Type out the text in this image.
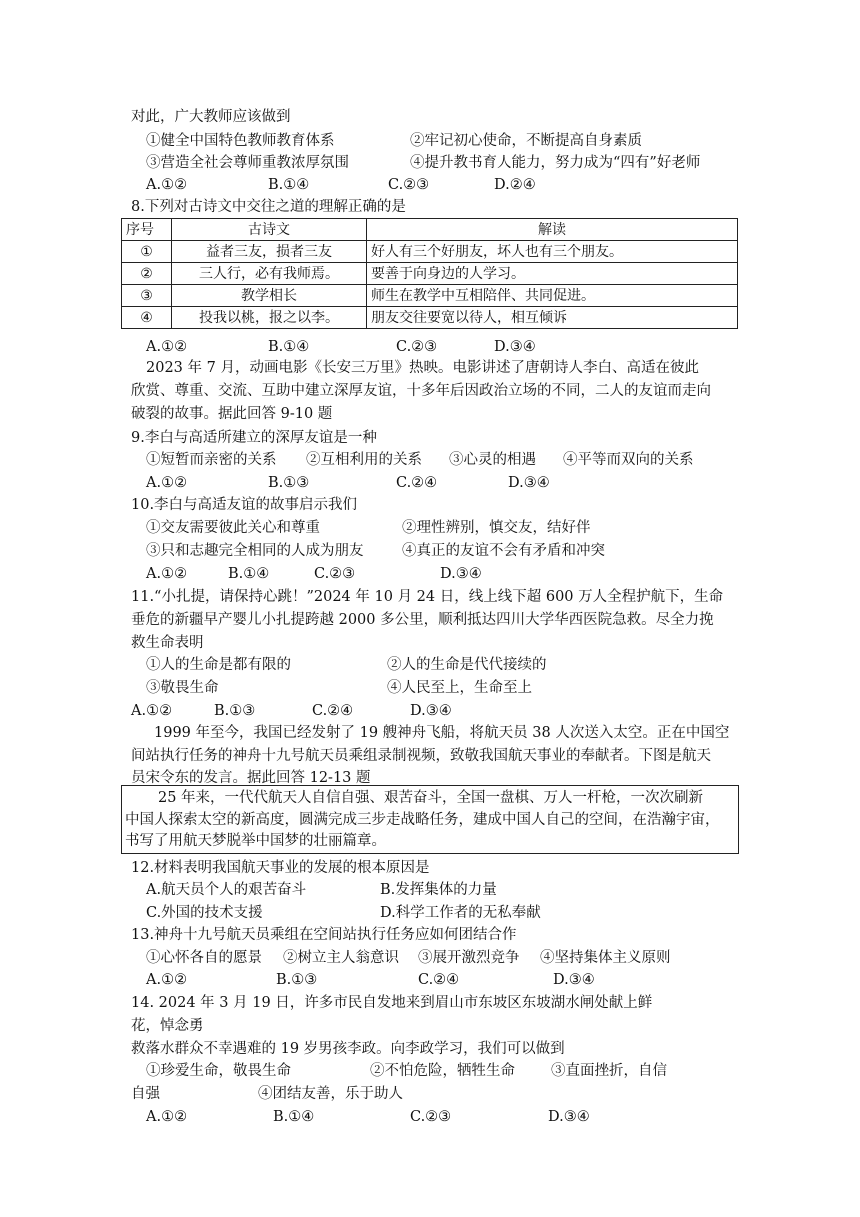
对此，广大教师应该做到
①健全中国特色教师教育体系	②牢记初心使命，不断提高自身素质
③营造全社会尊师重教浓厚氛围	④提升教书育人能力，努力成为“四有”好老师
A.①②	B.①④	C.②③	D.②④
8.下列对古诗文中交往之道的理解正确的是
序号	古诗文	解读
①	益者三友，损者三友	好人有三个好朋友，坏人也有三个朋友。
②	三人行，必有我师焉。	要善于向身边的人学习。
③	教学相长	师生在教学中互相陪伴、共同促进。
④	投我以桃，报之以李。	朋友交往要宽以待人，相互倾诉
A.①②	B.①④	C.②③	D.③④
2023 年 7 月，动画电影《长安三万里》热映。电影讲述了唐朝诗人李白、高适在彼此
欣赏、尊重、交流、互助中建立深厚友谊，十多年后因政治立场的不同，二人的友谊而走向
破裂的故事。据此回答 9-10 题
9.李白与高适所建立的深厚友谊是一种
①短暂而亲密的关系 ②互相利用的关系 ③心灵的相遇 ④平等而双向的关系
A.①②	B.①③	C.②④	D.③④
10.李白与高适友谊的故事启示我们
①交友需要彼此关心和尊重	②理性辨别，慎交友，结好伴
③只和志趣完全相同的人成为朋友	④真正的友谊不会有矛盾和冲突
A.①②	B.①④	C.②③	D.③④
11.“小扎提，请保持心跳！”2024 年 10 月 24 日，线上线下超 600 万人全程护航下，生命
垂危的新疆早产婴儿小扎提跨越 2000 多公里，顺利抵达四川大学华西医院急救。尽全力挽
救生命表明
①人的生命是都有限的	②人的生命是代代接续的
③敬畏生命	④人民至上，生命至上
A.①②	B.①③	C.②④	D.③④
1999 年至今，我国已经发射了 19 艘神舟飞船，将航天员 38 人次送入太空。正在中国空
间站执行任务的神舟十九号航天员乘组录制视频，致敬我国航天事业的奉献者。下图是航天
员宋令东的发言。据此回答 12-13 题
25 年来，一代代航天人自信自强、艰苦奋斗，全国一盘棋、万人一杆枪，一次次刷新
中国人探索太空的新高度，圆满完成三步走战略任务，建成中国人自己的空间，在浩瀚宇宙，
书写了用航天梦脱举中国梦的壮丽篇章。
12.材料表明我国航天事业的发展的根本原因是
A.航天员个人的艰苦奋斗	B.发挥集体的力量
C.外国的技术支援	D.科学工作者的无私奉献
13.神舟十九号航天员乘组在空间站执行任务应如何团结合作
①心怀各自的愿景 ②树立主人翁意识 ③展开激烈竞争 ④坚持集体主义原则
A.①②	B.①③	C.②④	D.③④
14. 2024 年 3 月 19 日，许多市民自发地来到眉山市东坡区东坡湖水闸处献上鲜
花，悼念勇
救落水群众不幸遇难的 19 岁男孩李政。向李政学习，我们可以做到
①珍爱生命，敬畏生命	②不怕危险，牺牲生命 ③直面挫折，自信
自强	④团结友善，乐于助人
A.①②	B.①④	C.②③	D.③④
